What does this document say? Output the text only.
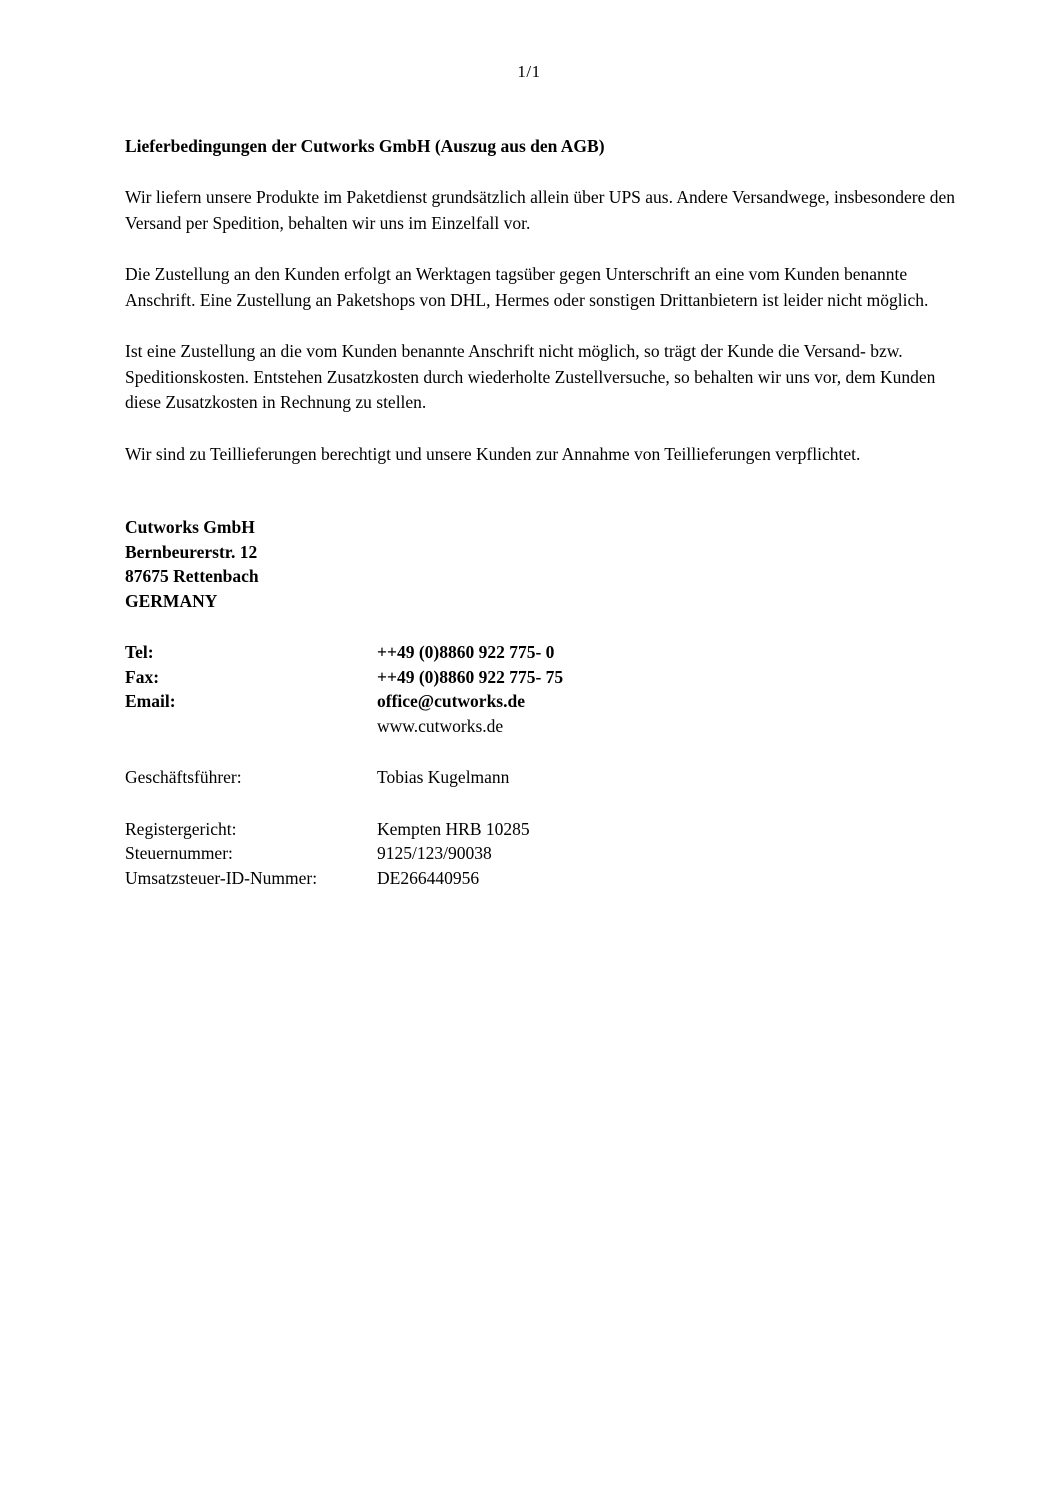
1/1
Lieferbedingungen der Cutworks GmbH (Auszug aus den AGB)

Wir liefern unsere Produkte im Paketdienst grundsätzlich allein über UPS aus. Andere Versandwege, insbesondere den Versand per Spedition, behalten wir uns im Einzelfall vor.

Die Zustellung an den Kunden erfolgt an Werktagen tagsüber gegen Unterschrift an eine vom Kunden benannte Anschrift. Eine Zustellung an Paketshops von DHL, Hermes oder sonstigen Drittanbietern ist leider nicht möglich.

Ist eine Zustellung an die vom Kunden benannte Anschrift nicht möglich, so trägt der Kunde die Versand- bzw. Speditionskosten. Entstehen Zusatzkosten durch wiederholte Zustellversuche, so behalten wir uns vor, dem Kunden diese Zusatzkosten in Rechnung zu stellen.

Wir sind zu Teillieferungen berechtigt und unsere Kunden zur Annahme von Teillieferungen verpflichtet.

Cutworks GmbH
Bernbeurerstr. 12
87675 Rettenbach
GERMANY
Tel:	++49 (0)8860 922 775- 0
Fax:	++49 (0)8860 922 775- 75
Email:	office@cutworks.de
www.cutworks.de
Geschäftsführer:	Tobias Kugelmann
Registergericht:	Kempten HRB 10285
Steuernummer:	9125/123/90038
Umsatzsteuer-ID-Nummer:	DE266440956
